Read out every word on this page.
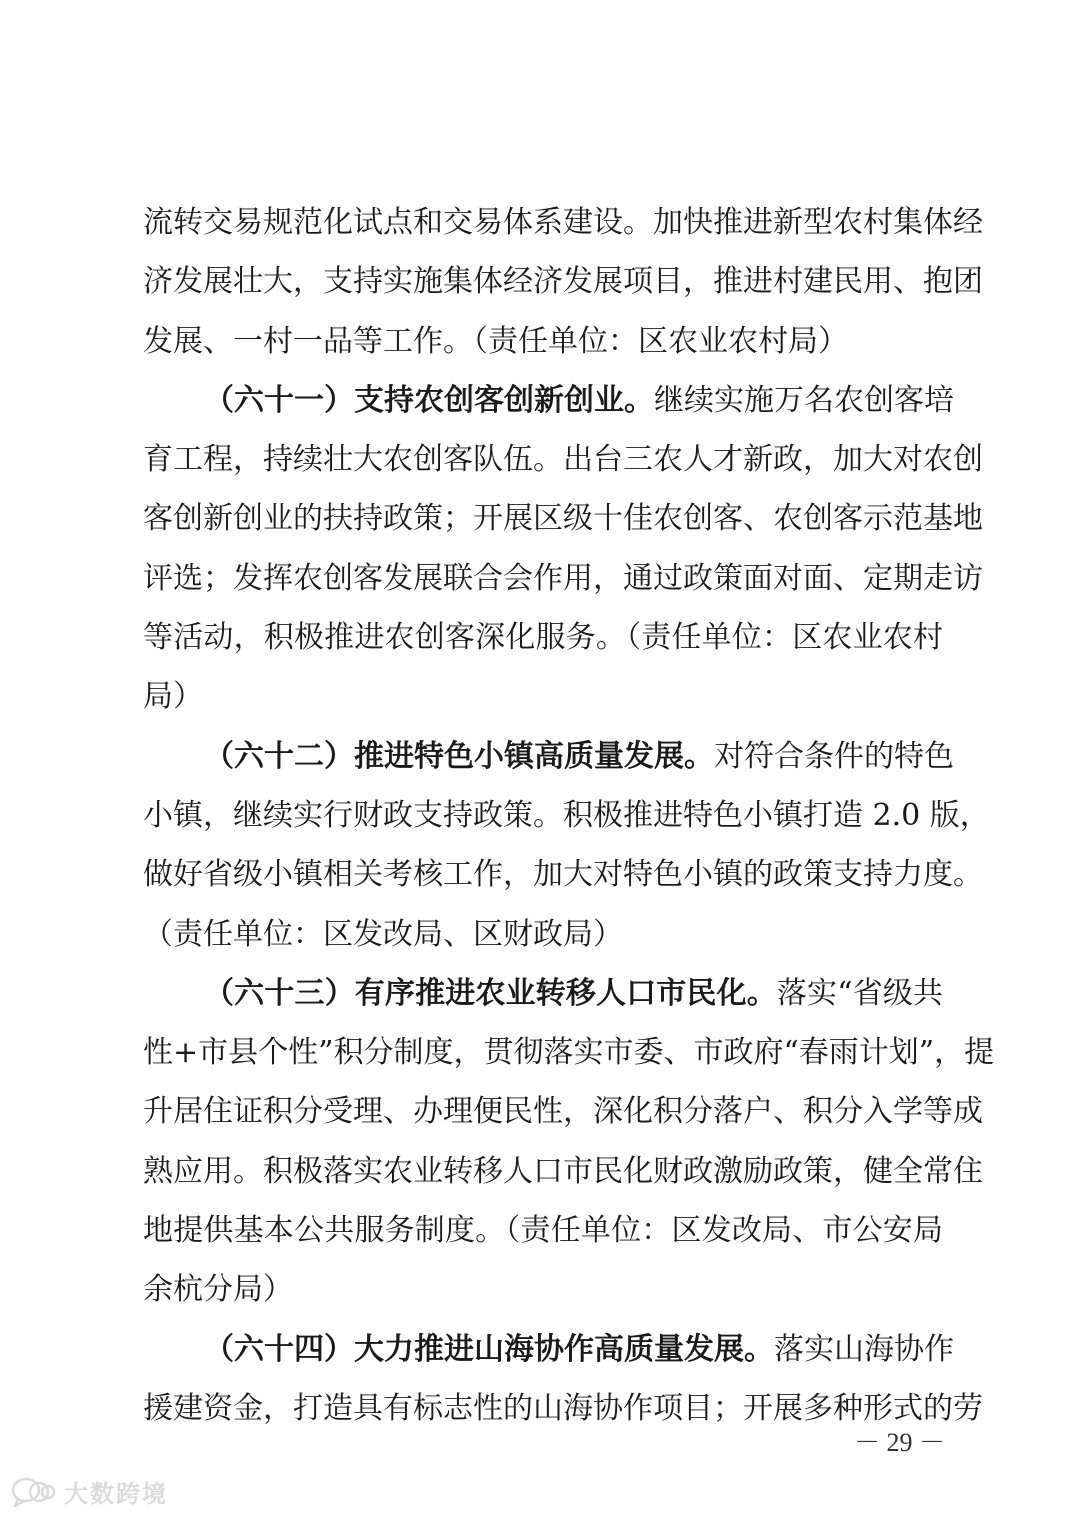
流转交易规范化试点和交易体系建设。加快推进新型农村集体经
济发展壮大，支持实施集体经济发展项目，推进村建民用、抱团
发展、一村一品等工作。（责任单位：区农业农村局）
（六十一）支持农创客创新创业。继续实施万名农创客培
育工程，持续壮大农创客队伍。出台三农人才新政，加大对农创
客创新创业的扶持政策；开展区级十佳农创客、农创客示范基地
评选；发挥农创客发展联合会作用，通过政策面对面、定期走访
等活动，积极推进农创客深化服务。（责任单位：区农业农村
局）
（六十二）推进特色小镇高质量发展。对符合条件的特色
小镇，继续实行财政支持政策。积极推进特色小镇打造 2.0 版，
做好省级小镇相关考核工作，加大对特色小镇的政策支持力度。
（责任单位：区发改局、区财政局）
（六十三）有序推进农业转移人口市民化。落实“省级共
性+市县个性”积分制度，贯彻落实市委、市政府“春雨计划”，提
升居住证积分受理、办理便民性，深化积分落户、积分入学等成
熟应用。积极落实农业转移人口市民化财政激励政策，健全常住
地提供基本公共服务制度。（责任单位：区发改局、市公安局
余杭分局）
（六十四）大力推进山海协作高质量发展。落实山海协作
援建资金，打造具有标志性的山海协作项目；开展多种形式的劳
－ 29 －
大数跨境
